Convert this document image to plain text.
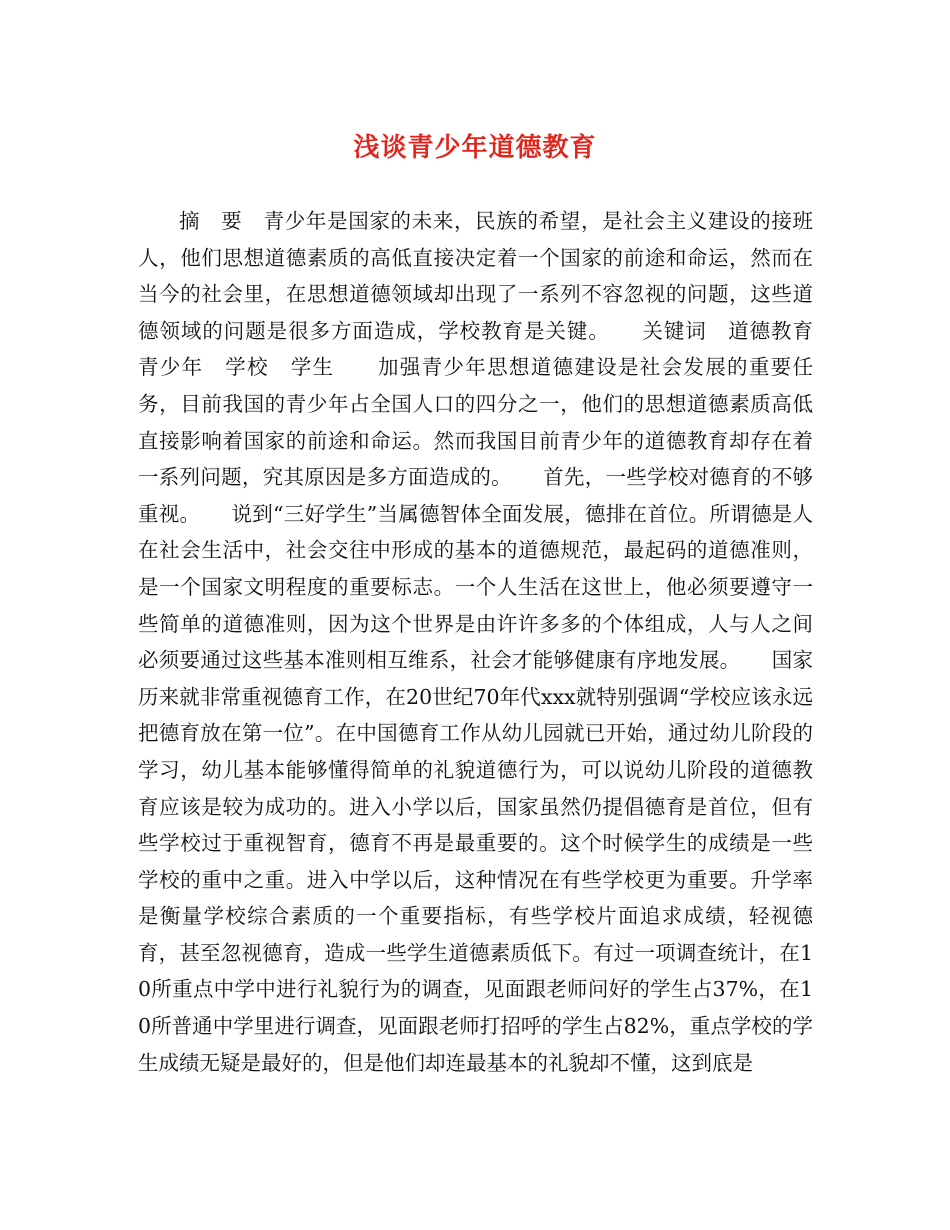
浅谈青少年道德教育

摘　要　青少年是国家的未来，民族的希望，是社会主义建设的接班人，他们思想道德素质的高低直接决定着一个国家的前途和命运，然而在当今的社会里，在思想道德领域却出现了一系列不容忽视的问题，这些道德领域的问题是很多方面造成，学校教育是关键。　　关键词　道德教育　青少年　学校　学生　　加强青少年思想道德建设是社会发展的重要任务，目前我国的青少年占全国人口的四分之一，他们的思想道德素质高低直接影响着国家的前途和命运。然而我国目前青少年的道德教育却存在着一系列问题，究其原因是多方面造成的。　　首先，一些学校对德育的不够重视。　　说到“三好学生”当属德智体全面发展，德排在首位。所谓德是人在社会生活中，社会交往中形成的基本的道德规范，最起码的道德准则，是一个国家文明程度的重要标志。一个人生活在这世上，他必须要遵守一些简单的道德准则，因为这个世界是由许许多多的个体组成，人与人之间必须要通过这些基本准则相互维系，社会才能够健康有序地发展。　　国家历来就非常重视德育工作，在20世纪70年代xxx就特别强调“学校应该永远把德育放在第一位”。在中国德育工作从幼儿园就已开始，通过幼儿阶段的学习，幼儿基本能够懂得简单的礼貌道德行为，可以说幼儿阶段的道德教育应该是较为成功的。进入小学以后，国家虽然仍提倡德育是首位，但有些学校过于重视智育，德育不再是最重要的。这个时候学生的成绩是一些学校的重中之重。进入中学以后，这种情况在有些学校更为重要。升学率是衡量学校综合素质的一个重要指标，有些学校片面追求成绩，轻视德育，甚至忽视德育，造成一些学生道德素质低下。有过一项调查统计，在10所重点中学中进行礼貌行为的调查，见面跟老师问好的学生占37%，在10所普通中学里进行调查，见面跟老师打招呼的学生占82%，重点学校的学生成绩无疑是最好的，但是他们却连最基本的礼貌却不懂，这到底是
